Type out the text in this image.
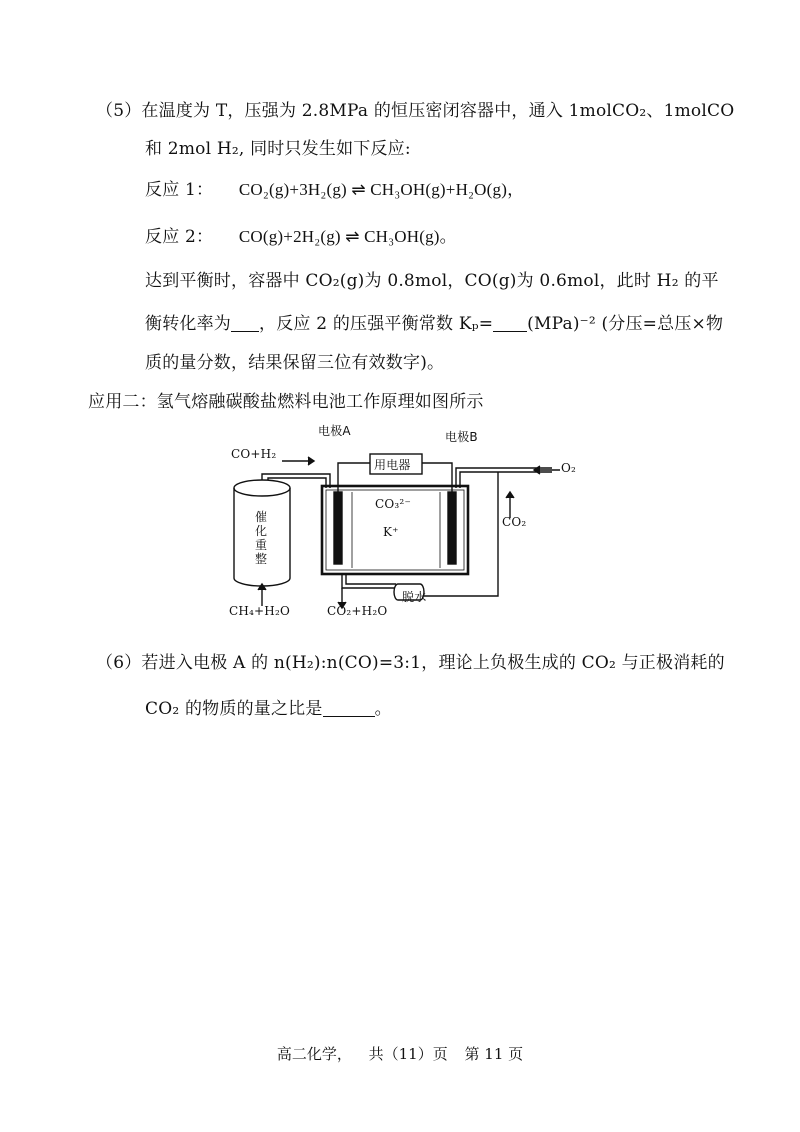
（5）在温度为 T，压强为 2.8MPa 的恒压密闭容器中，通入 1molCO₂、1molCO
和 2mol H₂, 同时只发生如下反应:
反应 1： CO₂(g)+3H₂(g) ⇌ CH₃OH(g)+H₂O(g)，
反应 2： CO(g)+2H₂(g) ⇌ CH₃OH(g)。
达到平衡时，容器中 CO₂(g)为 0.8mol，CO(g)为 0.6mol，此时 H₂ 的平
衡转化率为 ，反应 2 的压强平衡常数 Kₚ= (MPa)⁻² (分压=总压×物
质的量分数，结果保留三位有效数字)。
应用二：氢气熔融碳酸盐燃料电池工作原理如图所示
电极A	电极B
用电器
CO+H₂
O₂
CO₂
CO₃²⁻
K⁺
催
化
重
整
CH₄+H₂O	CO₂+H₂O
脱水
（6）若进入电极 A 的 n(H₂):n(CO)=3:1，理论上负极生成的 CO₂ 与正极消耗的
CO₂ 的物质的量之比是	。
高二化学， 共（11）页 第 11 页
